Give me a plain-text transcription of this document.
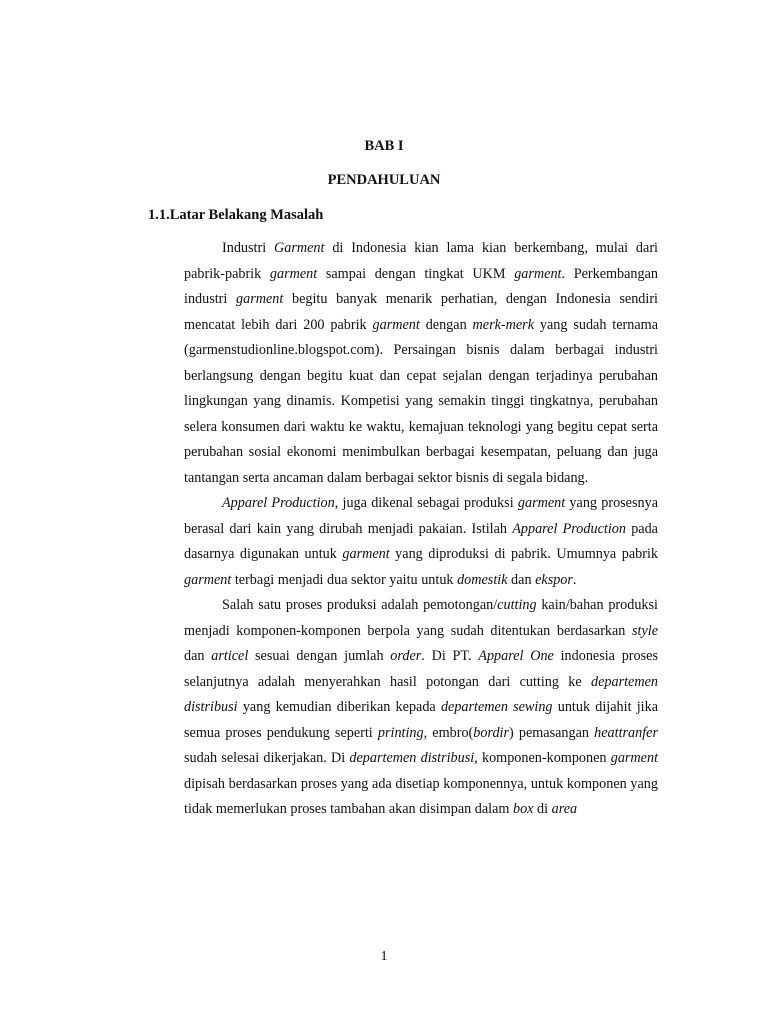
BAB I
PENDAHULUAN
1.1.Latar Belakang Masalah

Industri Garment di Indonesia kian lama kian berkembang, mulai dari pabrik-pabrik garment sampai dengan tingkat UKM garment. Perkembangan industri garment begitu banyak menarik perhatian, dengan Indonesia sendiri mencatat lebih dari 200 pabrik garment dengan merk-merk yang sudah ternama (garmenstudionline.blogspot.com). Persaingan bisnis dalam berbagai industri berlangsung dengan begitu kuat dan cepat sejalan dengan terjadinya perubahan lingkungan yang dinamis. Kompetisi yang semakin tinggi tingkatnya, perubahan selera konsumen dari waktu ke waktu, kemajuan teknologi yang begitu cepat serta perubahan sosial ekonomi menimbulkan berbagai kesempatan, peluang dan juga tantangan serta ancaman dalam berbagai sektor bisnis di segala bidang.

Apparel Production, juga dikenal sebagai produksi garment yang prosesnya berasal dari kain yang dirubah menjadi pakaian. Istilah Apparel Production pada dasarnya digunakan untuk garment yang diproduksi di pabrik. Umumnya pabrik garment terbagi menjadi dua sektor yaitu untuk domestik dan ekspor.

Salah satu proses produksi adalah pemotongan/cutting kain/bahan produksi menjadi komponen-komponen berpola yang sudah ditentukan berdasarkan style dan articel sesuai dengan jumlah order. Di PT. Apparel One indonesia proses selanjutnya adalah menyerahkan hasil potongan dari cutting ke departemen distribusi yang kemudian diberikan kepada departemen sewing untuk dijahit jika semua proses pendukung seperti printing, embro(bordir) pemasangan heattranfer sudah selesai dikerjakan. Di departemen distribusi, komponen-komponen garment dipisah berdasarkan proses yang ada disetiap komponennya, untuk komponen yang tidak memerlukan proses tambahan akan disimpan dalam box di area

1
